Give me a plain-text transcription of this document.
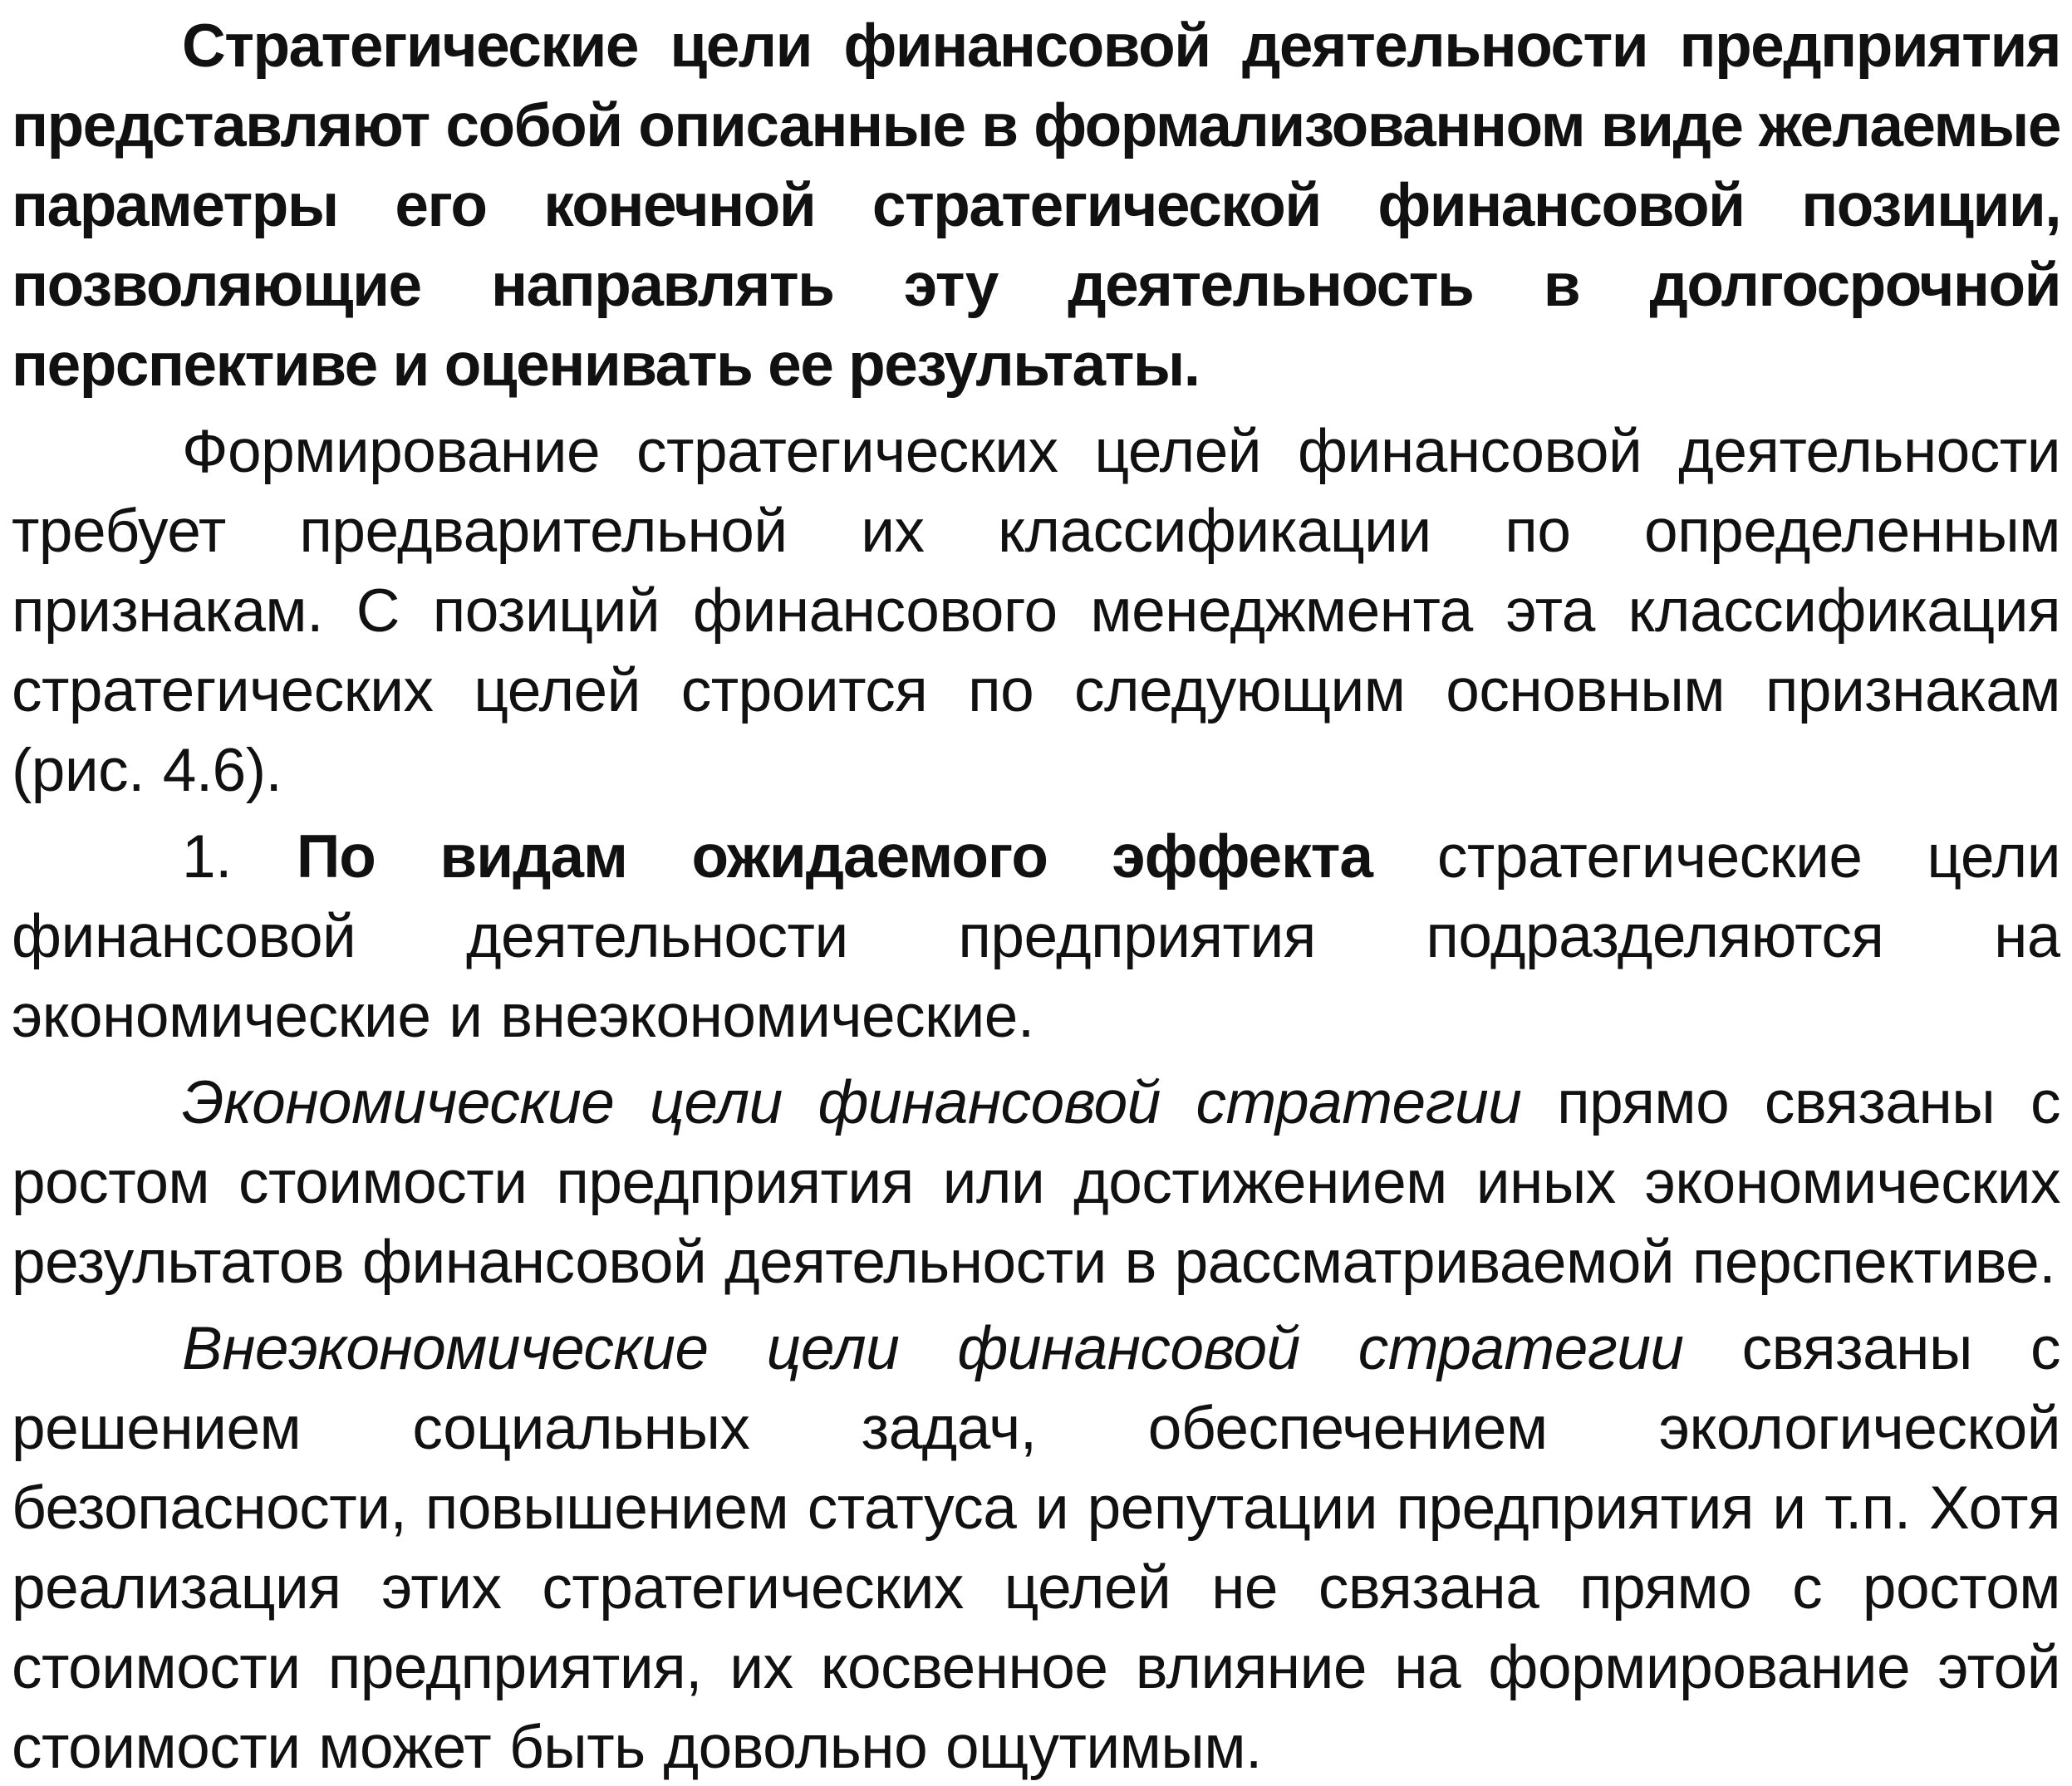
Стратегические цели финансовой деятельности предприятия представляют собой описанные в формализованном виде желаемые параметры его конечной стратегической финансовой позиции, позволяющие направлять эту деятельность в долгосрочной перспективе и оценивать ее результаты.

Формирование стратегических целей финансовой деятельности требует предварительной их классификации по определенным признакам. С позиций финансового менеджмента эта классификация стратегических целей строится по следующим основным признакам (рис. 4.6).

1. По видам ожидаемого эффекта стратегические цели финансовой деятельности предприятия подразделяются на экономические и внеэкономические.

Экономические цели финансовой стратегии прямо связаны с ростом стоимости предприятия или достижением иных экономических результатов финансовой деятельности в рассматриваемой перспективе.

Внеэкономические цели финансовой стратегии связаны с решением социальных задач, обеспечением экологической безопасности, повышением статуса и репутации предприятия и т.п. Хотя реализация этих стратегических целей не связана прямо с ростом стоимости предприятия, их косвенное влияние на формирование этой стоимости может быть довольно ощутимым.
